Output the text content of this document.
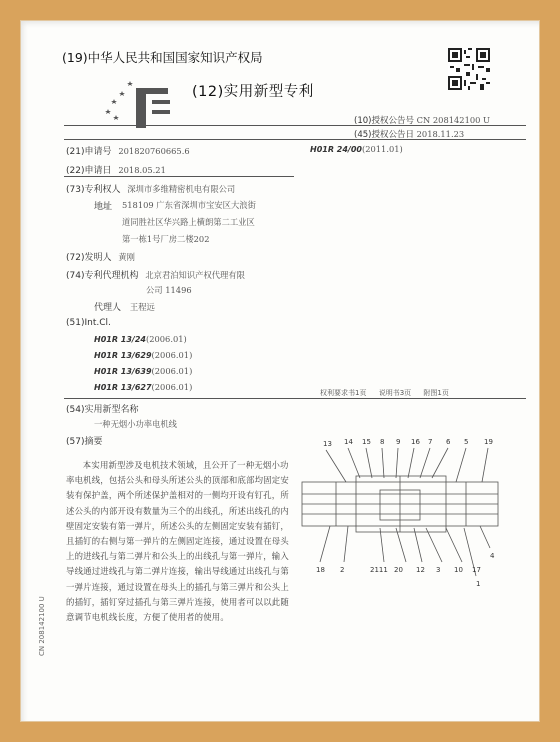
(19)中华人民共和国国家知识产权局
(12)实用新型专利
(10)授权公告号 CN 208142100 U
(45)授权公告日 2018.11.23
(21)申请号 201820760665.6	H01R 24/00(2011.01)
(22)申请日 2018.05.21
(73)专利权人 深圳市多维精密机电有限公司
地址 518109 广东省深圳市宝安区大浪街
道同胜社区华兴路上横朗第二工业区
第一栋1号厂房二楼202
(72)发明人 黄刚
(74)专利代理机构 北京君泊知识产权代理有限
公司 11496
代理人 王程远
(51)Int.Cl.
H01R 13/24(2006.01)
H01R 13/629(2006.01)
H01R 13/639(2006.01)
H01R 13/627(2006.01)
权利要求书1页 说明书3页 附图1页
(54)实用新型名称
一种无烟小功率电机线
(57)摘要
本实用新型涉及电机技术领域，且公开了一种无烟小功率电机线，包括公头和母头所述公头的顶部和底部均固定安装有保护盖，两个所述保护盖相对的一侧均开设有钉孔，所述公头的内部开设有数量为三个的出线孔，所述出线孔的内壁固定安装有第一弹片，所述公头的左侧固定安装有插钉，且插钉的右侧与第一弹片的左侧固定连接，通过设置在母头上的进线孔与第二弹片和公头上的出线孔与第一弹片，输入导线通过进线孔与第二弹片连接，输出导线通过出线孔与第一弹片连接，通过设置在母头上的插孔与第三弹片和公头上的插钉，插钉穿过插孔与第三弹片连接，使用者可以以此随意调节电机线长度，方便了使用者的使用。
13 14 15 8 9 16 7 6 5 19
18 2	2111 20 12 3 10 17
4
1
CN 208142100 U
